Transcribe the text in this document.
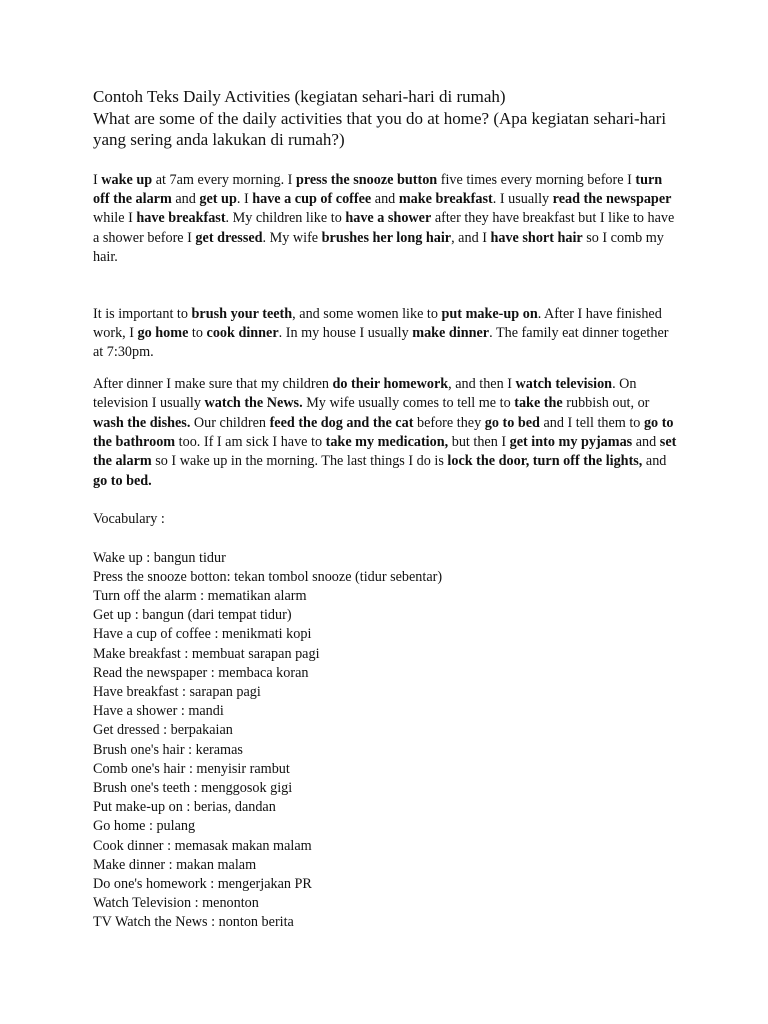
Contoh Teks Daily Activities (kegiatan sehari-hari di rumah)
What are some of the daily activities that you do at home? (Apa kegiatan sehari-hari yang sering anda lakukan di rumah?)

I wake up at 7am every morning. I press the snooze button five times every morning before I turn off the alarm and get up. I have a cup of coffee and make breakfast. I usually read the newspaper while I have breakfast. My children like to have a shower after they have breakfast but I like to have a shower before I get dressed. My wife brushes her long hair, and I have short hair so I comb my hair.

It is important to brush your teeth, and some women like to put make-up on. After I have finished work, I go home to cook dinner. In my house I usually make dinner. The family eat dinner together at 7:30pm.

After dinner I make sure that my children do their homework, and then I watch television. On television I usually watch the News. My wife usually comes to tell me to take the rubbish out, or wash the dishes. Our children feed the dog and the cat before they go to bed and I tell them to go to the bathroom too. If I am sick I have to take my medication, but then I get into my pyjamas and set the alarm so I wake up in the morning. The last things I do is lock the door, turn off the lights, and go to bed.

Vocabulary :
Wake up : bangun tidur
Press the snooze botton: tekan tombol snooze (tidur sebentar)
Turn off the alarm : mematikan alarm
Get up : bangun (dari tempat tidur)
Have a cup of coffee : menikmati kopi
Make breakfast : membuat sarapan pagi
Read the newspaper : membaca koran
Have breakfast : sarapan pagi
Have a shower : mandi
Get dressed : berpakaian
Brush one's hair : keramas
Comb one's hair : menyisir rambut
Brush one's teeth : menggosok gigi
Put make-up on : berias, dandan
Go home : pulang
Cook dinner : memasak makan malam
Make dinner : makan malam
Do one's homework : mengerjakan PR
Watch Television : menonton
TV Watch the News : nonton berita
